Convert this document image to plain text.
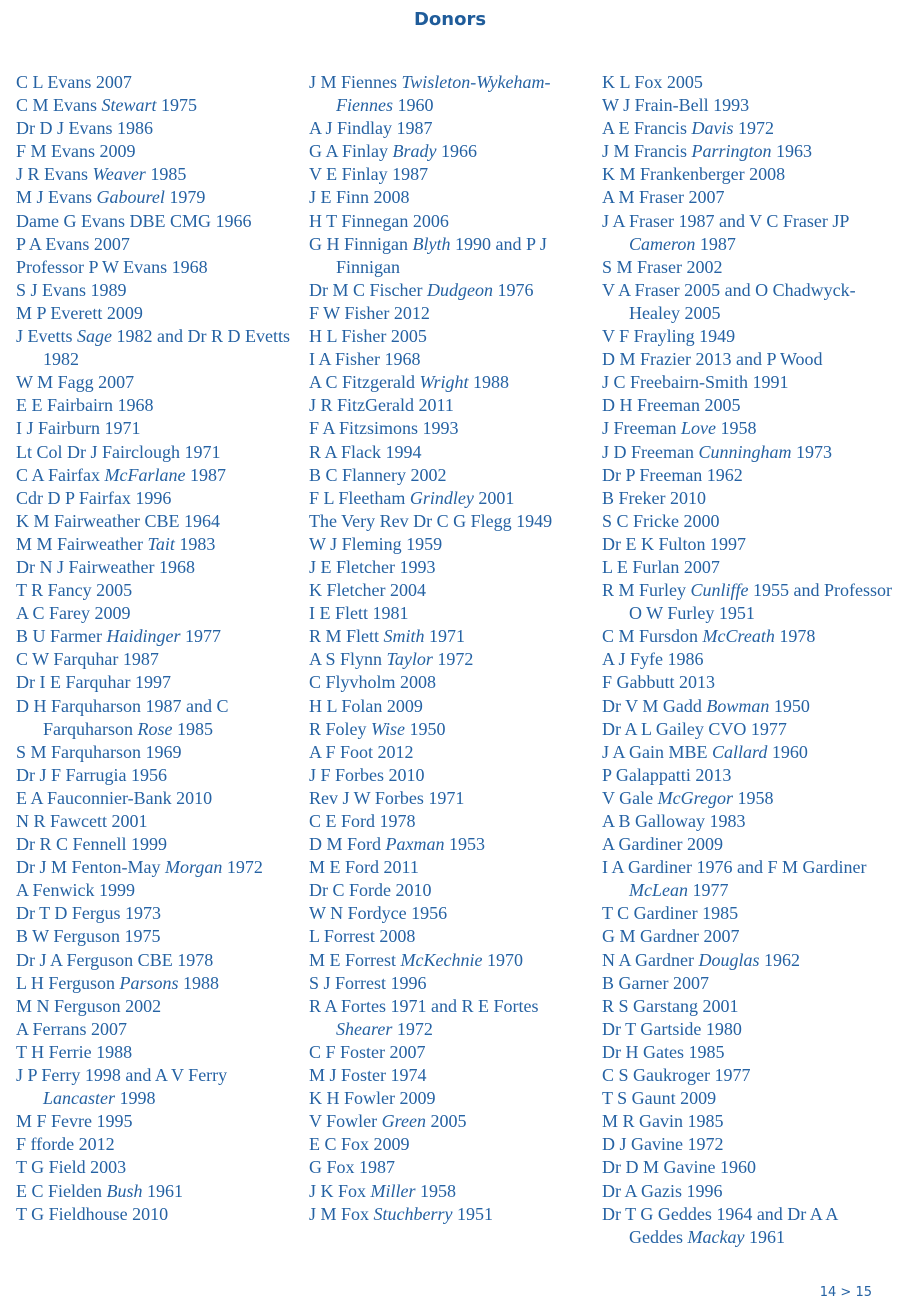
Donors
C L Evans 2007
C M Evans Stewart 1975
Dr D J Evans 1986
F M Evans 2009
J R Evans Weaver 1985
M J Evans Gabourel 1979
Dame G Evans DBE CMG 1966
P A Evans 2007
Professor P W Evans 1968
S J Evans 1989
M P Everett 2009
J Evetts Sage 1982 and Dr R D Evetts 1982
W M Fagg 2007
E E Fairbairn 1968
I J Fairburn 1971
Lt Col Dr J Fairclough 1971
C A Fairfax McFarlane 1987
Cdr D P Fairfax 1996
K M Fairweather CBE 1964
M M Fairweather Tait 1983
Dr N J Fairweather 1968
T R Fancy 2005
A C Farey 2009
B U Farmer Haidinger 1977
C W Farquhar 1987
Dr I E Farquhar 1997
D H Farquharson 1987 and C Farquharson Rose 1985
S M Farquharson 1969
Dr J F Farrugia 1956
E A Fauconnier-Bank 2010
N R Fawcett 2001
Dr R C Fennell 1999
Dr J M Fenton-May Morgan 1972
A Fenwick 1999
Dr T D Fergus 1973
B W Ferguson 1975
Dr J A Ferguson CBE 1978
L H Ferguson Parsons 1988
M N Ferguson 2002
A Ferrans 2007
T H Ferrie 1988
J P Ferry 1998 and A V Ferry Lancaster 1998
M F Fevre 1995
F fforde 2012
T G Field 2003
E C Fielden Bush 1961
T G Fieldhouse 2010
J M Fiennes Twisleton-Wykeham-Fiennes 1960
A J Findlay 1987
G A Finlay Brady 1966
V E Finlay 1987
J E Finn 2008
H T Finnegan 2006
G H Finnigan Blyth 1990 and P J Finnigan
Dr M C Fischer Dudgeon 1976
F W Fisher 2012
H L Fisher 2005
I A Fisher 1968
A C Fitzgerald Wright 1988
J R FitzGerald 2011
F A Fitzsimons 1993
R A Flack 1994
B C Flannery 2002
F L Fleetham Grindley 2001
The Very Rev Dr C G Flegg 1949
W J Fleming 1959
J E Fletcher 1993
K Fletcher 2004
I E Flett 1981
R M Flett Smith 1971
A S Flynn Taylor 1972
C Flyvholm 2008
H L Folan 2009
R Foley Wise 1950
A F Foot 2012
J F Forbes 2010
Rev J W Forbes 1971
C E Ford 1978
D M Ford Paxman 1953
M E Ford 2011
Dr C Forde 2010
W N Fordyce 1956
L Forrest 2008
M E Forrest McKechnie 1970
S J Forrest 1996
R A Fortes 1971 and R E Fortes Shearer 1972
C F Foster 2007
M J Foster 1974
K H Fowler 2009
V Fowler Green 2005
E C Fox 2009
G Fox 1987
J K Fox Miller 1958
J M Fox Stuchberry 1951
K L Fox 2005
W J Frain-Bell 1993
A E Francis Davis 1972
J M Francis Parrington 1963
K M Frankenberger 2008
A M Fraser 2007
J A Fraser 1987 and V C Fraser JP Cameron 1987
S M Fraser 2002
V A Fraser 2005 and O Chadwyck-Healey 2005
V F Frayling 1949
D M Frazier 2013 and P Wood
J C Freebairn-Smith 1991
D H Freeman 2005
J Freeman Love 1958
J D Freeman Cunningham 1973
Dr P Freeman 1962
B Freker 2010
S C Fricke 2000
Dr E K Fulton 1997
L E Furlan 2007
R M Furley Cunliffe 1955 and Professor O W Furley 1951
C M Fursdon McCreath 1978
A J Fyfe 1986
F Gabbutt 2013
Dr V M Gadd Bowman 1950
Dr A L Gailey CVO 1977
J A Gain MBE Callard 1960
P Galappatti 2013
V Gale McGregor 1958
A B Galloway 1983
A Gardiner 2009
I A Gardiner 1976 and F M Gardiner McLean 1977
T C Gardiner 1985
G M Gardner 2007
N A Gardner Douglas 1962
B Garner 2007
R S Garstang 2001
Dr T Gartside 1980
Dr H Gates 1985
C S Gaukroger 1977
T S Gaunt 2009
M R Gavin 1985
D J Gavine 1972
Dr D M Gavine 1960
Dr A Gazis 1996
Dr T G Geddes 1964 and Dr A A Geddes Mackay 1961
14 > 15
